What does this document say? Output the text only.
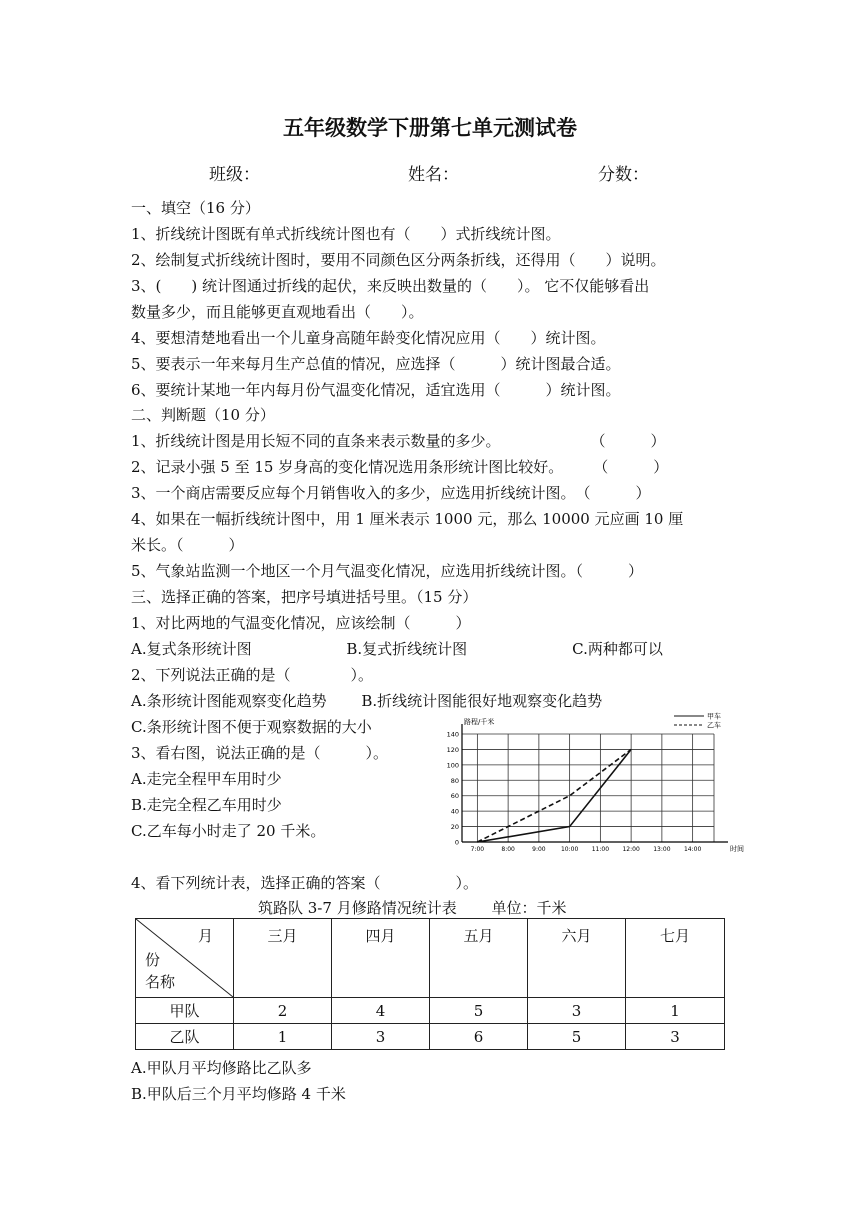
五年级数学下册第七单元测试卷
班级：	姓名：	分数：
一、填空（16 分）
1、折线统计图既有单式折线统计图也有（　　）式折线统计图。
2、绘制复式折线统计图时，要用不同颜色区分两条折线，还得用（　　）说明。
3、(　　) 统计图通过折线的起伏，来反映出数量的（　　）。 它不仅能够看出
数量多少，而且能够更直观地看出（　　）。
4、要想清楚地看出一个儿童身高随年龄变化情况应用（　　）统计图。
5、要表示一年来每月生产总值的情况，应选择（　　　）统计图最合适。
6、要统计某地一年内每月份气温变化情况，适宜选用（　　　）统计图。
二、判断题（10 分）
1、折线统计图是用长短不同的直条来表示数量的多少。　　　　　　　（　　　）
2、记录小强 5 至 15 岁身高的变化情况选用条形统计图比较好。　　　（　　　）
3、一个商店需要反应每个月销售收入的多少，应选用折线统计图。　（　　　）
4、如果在一幅折线统计图中，用 1 厘米表示 1000 元，那么 10000 元应画 10 厘
米长。（　　　）
5、气象站监测一个地区一个月气温变化情况，应选用折线统计图。（　　　）
三、选择正确的答案，把序号填进括号里。（15 分）
1、对比两地的气温变化情况，应该绘制（　　　）
A.复式条形统计图　　　　　　 B.复式折线统计图　　　　　　　C.两种都可以
2、下列说法正确的是（　　　　）。
A.条形统计图能观察变化趋势　　 B.折线统计图能很好地观察变化趋势
C.条形统计图不便于观察数据的大小
3、看右图，说法正确的是（　　　）。
A.走完全程甲车用时少
B.走完全程乙车用时少
C.乙车每小时走了 20 千米。
4、看下列统计表，选择正确的答案（　　　　　）。
筑路队 3-7 月修路情况统计表　　 单位：千米
A.甲队月平均修路比乙队多
B.甲队后三个月平均修路 4 千米
0
20
40
60
80
100
120
140
7:00	8:00	9:00	10:00 11:00 12:00 13:00 14:00
路程/千米
时间
甲车
乙车
月
份
名称	三月	四月	五月	六月	七月
甲队	2	4	5	3	1
乙队	1	3	6	5	3
